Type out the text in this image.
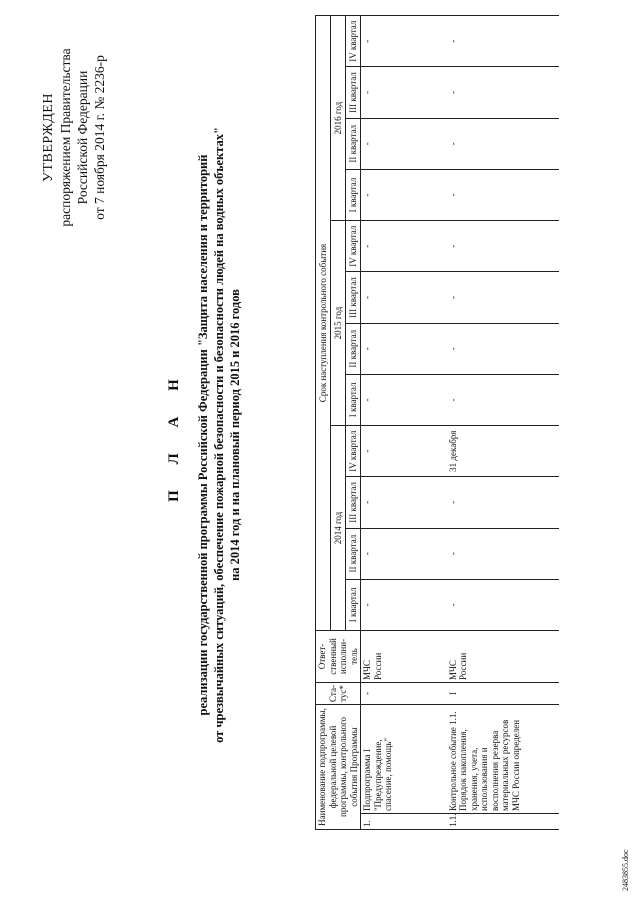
УТВЕРЖДЕН распоряжением Правительства Российской Федерации от 7 ноября 2014 г. № 2236-р
П Л А Н реализации государственной программы Российской Федерации "Защита населения и территорий от чрезвычайных ситуаций, обеспечение пожарной безопасности и безопасности людей на водных объектах" на 2014 год и на плановый период 2015 и 2016 годов
Наименование подпрограммы, федеральной целевой программы, контрольного события Программы		Ста-тус*	Ответ-ственный исполни-тель	Срок наступления контрольного события											
				2014 год				2015 год				2016 год			
				I квартал	II квартал	III квартал	IV квартал	I квартал	II квартал	III квартал	IV квартал	I квартал	II квартал	III квартал	IV квартал
1.	Подпрограмма I "Предупреждение, спасение, помощь"	-	МЧС России	-	-	-	-	-	-	-	-	-	-	-	-
1.1.	Контрольное событие 1.1. Порядок накопления, хранения, учета, использования и восполнения резерва материальных ресурсов МЧС России определен	I	МЧС России	-	-	-	31 декабря	-	-	-	-	-	-	-	-
2483855.doc
